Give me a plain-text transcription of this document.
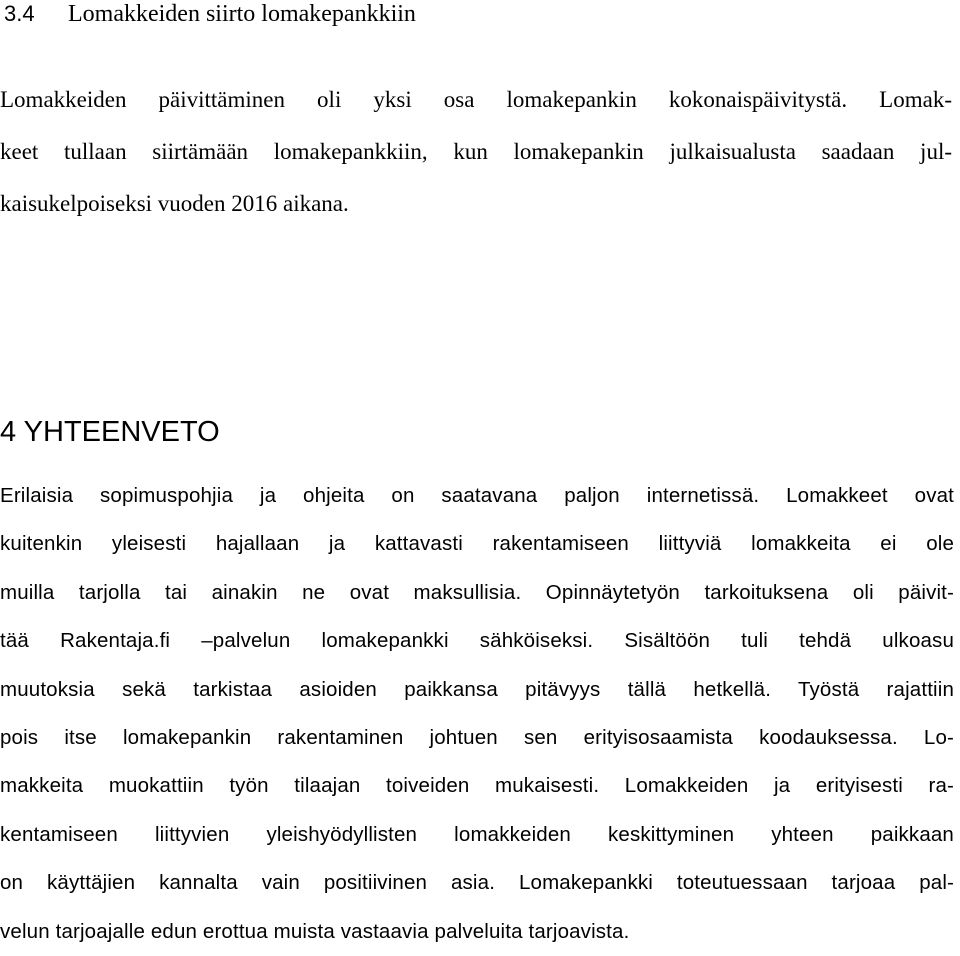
3.4 Lomakkeiden siirto lomakepankkiin
Lomakkeiden päivittäminen oli yksi osa lomakepankin kokonaispäivitystä. Lomak-
keet tullaan siirtämään lomakepankkiin, kun lomakepankin julkaisualusta saadaan jul-
kaisukelpoiseksi vuoden 2016 aikana.
4 YHTEENVETO
Erilaisia sopimuspohjia ja ohjeita on saatavana paljon internetissä. Lomakkeet ovat
kuitenkin yleisesti hajallaan ja kattavasti rakentamiseen liittyviä lomakkeita ei ole
muilla tarjolla tai ainakin ne ovat maksullisia. Opinnäytetyön tarkoituksena oli päivit-
tää Rakentaja.fi –palvelun lomakepankki sähköiseksi. Sisältöön tuli tehdä ulkoasu
muutoksia sekä tarkistaa asioiden paikkansa pitävyys tällä hetkellä. Työstä rajattiin
pois itse lomakepankin rakentaminen johtuen sen erityisosaamista koodauksessa. Lo-
makkeita muokattiin työn tilaajan toiveiden mukaisesti. Lomakkeiden ja erityisesti ra-
kentamiseen liittyvien yleishyödyllisten lomakkeiden keskittyminen yhteen paikkaan
on käyttäjien kannalta vain positiivinen asia. Lomakepankki toteutuessaan tarjoaa pal-
velun tarjoajalle edun erottua muista vastaavia palveluita tarjoavista.
